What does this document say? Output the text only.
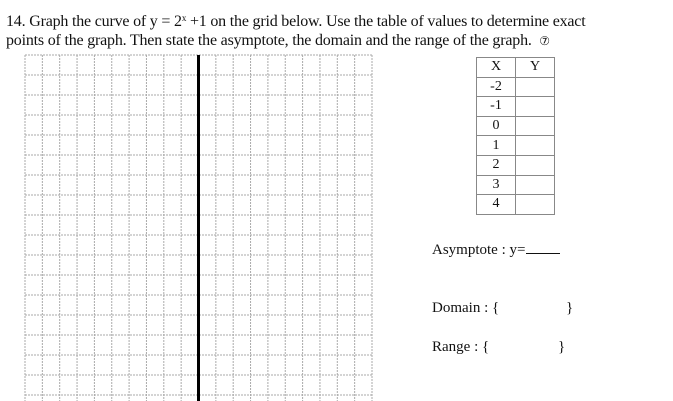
14. Graph the curve of $y = 2^x +1$ on the grid below. Use the table of values to determine exact
points of the graph. Then state the asymptote, the domain and the range of the graph. ⑦
X	Y
-2	
-1	
0	
1	
2	
3	
4	
Asymptote : y=
Domain : {	}
Range : {	}
